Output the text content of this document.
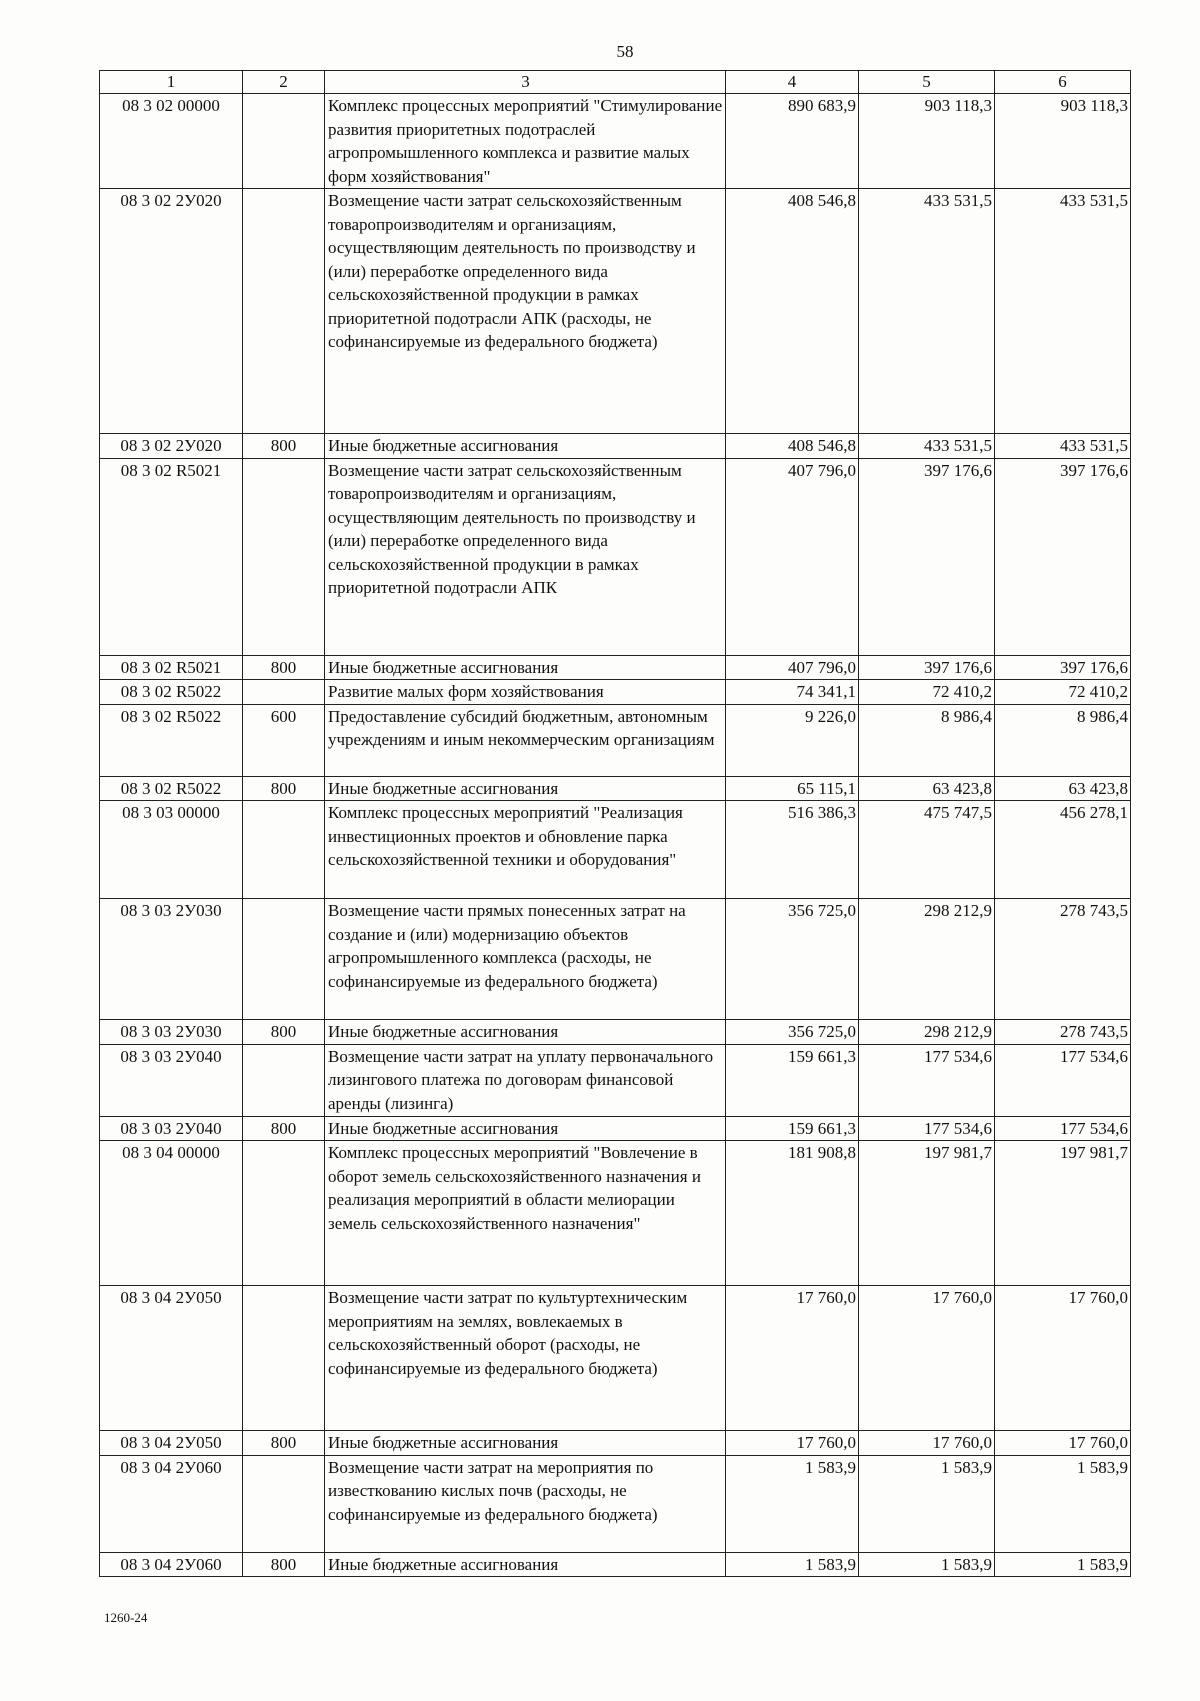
58
1	2	3	4	5	6
08 3 02 00000		Комплекс процессных мероприятий "Стимулирование развития приоритетных подотраслей агропромышленного комплекса и развитие малых форм хозяйствования"	890 683,9	903 118,3	903 118,3
08 3 02 2У020		Возмещение части затрат сельскохозяйственным товаропроизводителям и организациям, осуществляющим деятельность по производству и (или) переработке определенного вида сельскохозяйственной продукции в рамках приоритетной подотрасли АПК (расходы, не софинансируемые из федерального бюджета)	408 546,8	433 531,5	433 531,5
08 3 02 2У020	800	Иные бюджетные ассигнования	408 546,8	433 531,5	433 531,5
08 3 02 R5021		Возмещение части затрат сельскохозяйственным товаропроизводителям и организациям, осуществляющим деятельность по производству и (или) переработке определенного вида сельскохозяйственной продукции в рамках приоритетной подотрасли АПК	407 796,0	397 176,6	397 176,6
08 3 02 R5021	800	Иные бюджетные ассигнования	407 796,0	397 176,6	397 176,6
08 3 02 R5022		Развитие малых форм хозяйствования	74 341,1	72 410,2	72 410,2
08 3 02 R5022	600	Предоставление субсидий бюджетным, автономным учреждениям и иным некоммерческим организациям	9 226,0	8 986,4	8 986,4
08 3 02 R5022	800	Иные бюджетные ассигнования	65 115,1	63 423,8	63 423,8
08 3 03 00000		Комплекс процессных мероприятий "Реализация инвестиционных проектов и обновление парка сельскохозяйственной техники и оборудования"	516 386,3	475 747,5	456 278,1
08 3 03 2У030		Возмещение части прямых понесенных затрат на создание и (или) модернизацию объектов агропромышленного комплекса (расходы, не софинансируемые из федерального бюджета)	356 725,0	298 212,9	278 743,5
08 3 03 2У030	800	Иные бюджетные ассигнования	356 725,0	298 212,9	278 743,5
08 3 03 2У040		Возмещение части затрат на уплату первоначального лизингового платежа по договорам финансовой аренды (лизинга)	159 661,3	177 534,6	177 534,6
08 3 03 2У040	800	Иные бюджетные ассигнования	159 661,3	177 534,6	177 534,6
08 3 04 00000		Комплекс процессных мероприятий "Вовлечение в оборот земель сельскохозяйственного назначения и реализация мероприятий в области мелиорации земель сельскохозяйственного назначения"	181 908,8	197 981,7	197 981,7
08 3 04 2У050		Возмещение части затрат по культуртехническим мероприятиям на землях, вовлекаемых в сельскохозяйственный оборот (расходы, не софинансируемые из федерального бюджета)	17 760,0	17 760,0	17 760,0
08 3 04 2У050	800	Иные бюджетные ассигнования	17 760,0	17 760,0	17 760,0
08 3 04 2У060		Возмещение части затрат на мероприятия по известкованию кислых почв (расходы, не софинансируемые из федерального бюджета)	1 583,9	1 583,9	1 583,9
08 3 04 2У060	800	Иные бюджетные ассигнования	1 583,9	1 583,9	1 583,9
1260-24
